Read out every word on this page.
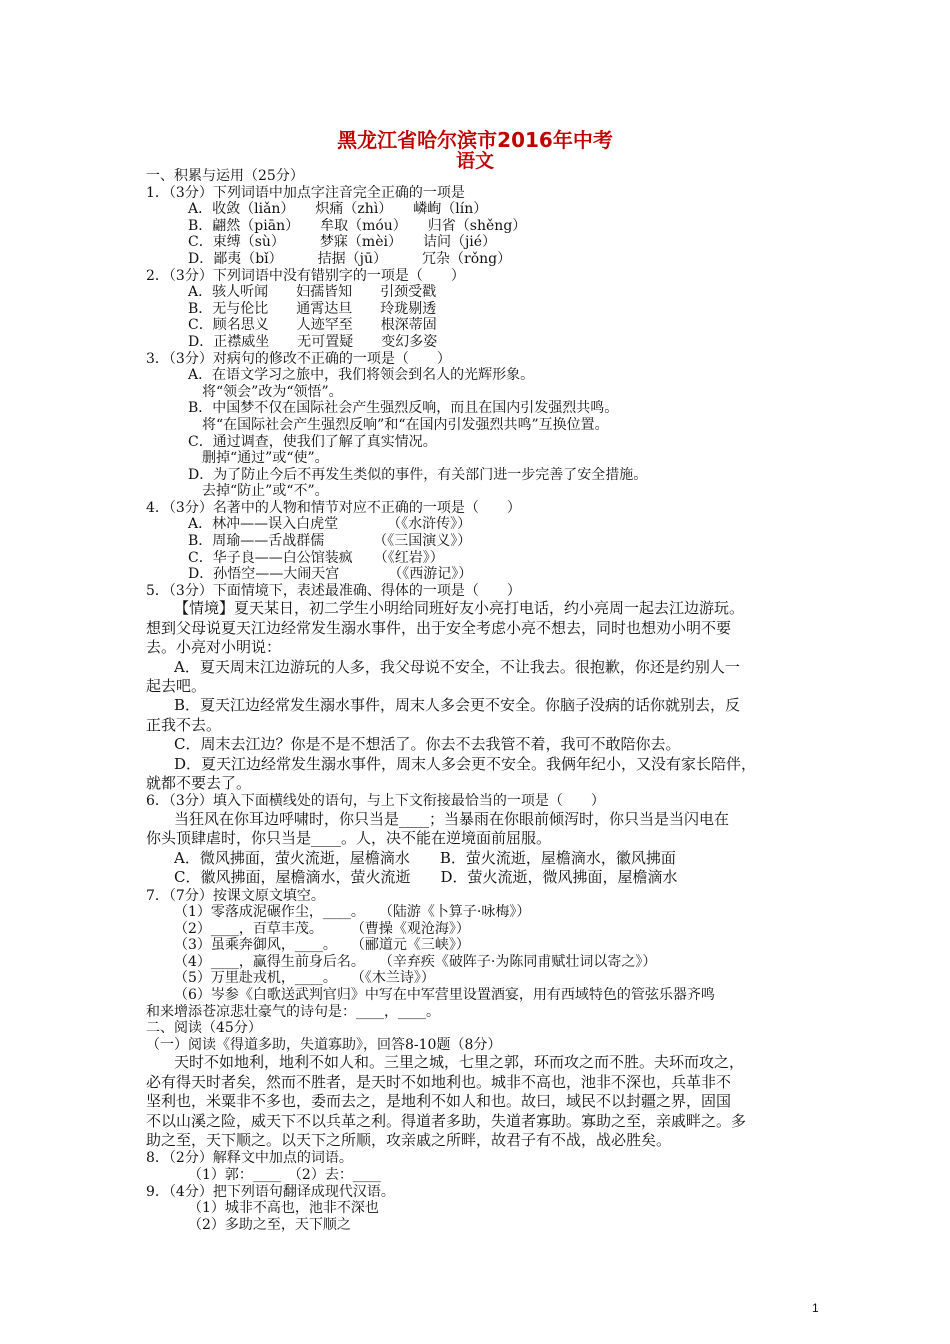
黑龙江省哈尔滨市2016年中考
语文
一、积累与运用（25分）
1．（3分）下列词语中加点字注音完全正确的一项是
A．收敛（liǎn）　　炽痛（zhì）　　嶙峋（lín）
B．翩然（piān）　　牟取（móu）　　归省（shěng）
C．束缚（sù）　　　梦寐（mèi）　　诘问（jié）
D．鄙夷（bǐ）　　　拮据（jū）　　　冗杂（rǒng）
2．（3分）下列词语中没有错别字的一项是（　　）
A．骇人听闻　　妇孺皆知　　引颈受戳
B．无与伦比　　通霄达旦　　玲珑剔透
C．顾名思义　　人迹罕至　　根深蒂固
D．正襟威坐　　无可置疑　　变幻多姿
3．（3分）对病句的修改不正确的一项是（　　）
A．在语文学习之旅中，我们将领会到名人的光辉形象。
将“领会”改为“领悟”。
B．中国梦不仅在国际社会产生强烈反响，而且在国内引发强烈共鸣。
将“在国际社会产生强烈反响”和“在国内引发强烈共鸣”互换位置。
C．通过调查，使我们了解了真实情况。
删掉“通过”或“使”。
D．为了防止今后不再发生类似的事件，有关部门进一步完善了安全措施。
去掉“防止”或“不”。
4．（3分）名著中的人物和情节对应不正确的一项是（　　）
A．林冲——误入白虎堂　　　　（《水浒传》）
B．周瑜——舌战群儒　　　　（《三国演义》）
C．华子良——白公馆装疯　　（《红岩》）
D．孙悟空——大闹天宫　　　　（《西游记》）
5．（3分）下面情境下，表述最准确、得体的一项是（　　）
【情境】夏天某日，初二学生小明给同班好友小亮打电话，约小亮周一起去江边游玩。
想到父母说夏天江边经常发生溺水事件，出于安全考虑小亮不想去，同时也想劝小明不要
去。小亮对小明说：
A．夏天周末江边游玩的人多，我父母说不安全，不让我去。很抱歉，你还是约别人一
起去吧。
B．夏天江边经常发生溺水事件，周末人多会更不安全。你脑子没病的话你就别去，反
正我不去。
C．周末去江边？你是不是不想活了。你去不去我管不着，我可不敢陪你去。
D．夏天江边经常发生溺水事件，周末人多会更不安全。我俩年纪小，又没有家长陪伴，
就都不要去了。
6．（3分）填入下面横线处的语句，与上下文衔接最恰当的一项是（　　）
当狂风在你耳边呼啸时，你只当是____；当暴雨在你眼前倾泻时，你只当是当闪电在
你头顶肆虐时，你只当是____。人，决不能在逆境面前屈服。
A．微风拂面，萤火流逝，屋檐滴水　　B．萤火流逝，屋檐滴水，徽风拂面
C．徽风拂面，屋檐滴水，萤火流逝　　D．萤火流逝，微风拂面，屋檐滴水
7．（7分）按课文原文填空。
（1）零落成泥碾作尘，____。　　（陆游《卜算子·咏梅》）
（2）____，百草丰茂。　　　（曹操《观沧海》）
（3）虽乘奔御风，____。　　（郦道元《三峡》）
（4）____，赢得生前身后名。　　（辛弃疾《破阵子·为陈同甫赋壮词以寄之》）
（5）万里赴戎机，____。　　（《木兰诗》）
（6）岑参《白歌送武判官归》中写在中军营里设置酒宴，用有西域特色的管弦乐器齐鸣
和来增添苍凉悲壮豪气的诗句是：____，____。
二、阅读（45分）
（一）阅读《得道多助，失道寡助》，回答8-10题（8分）
天时不如地利，地利不如人和。三里之城，七里之郭，环而攻之而不胜。夫环而攻之，
必有得天时者矣，然而不胜者，是天时不如地利也。城非不高也，池非不深也，兵革非不
坚利也，米粟非不多也，委而去之，是地利不如人和也。故曰，域民不以封疆之界，固国
不以山溪之险，威天下不以兵革之利。得道者多助，失道者寡助。寡助之至，亲戚畔之。多
助之至，天下顺之。以天下之所顺，攻亲戚之所畔，故君子有不战，战必胜矣。
8．（2分）解释文中加点的词语。
（1）郭：____　（2）去：____
9．（4分）把下列语句翻译成现代汉语。
（1）城非不高也，池非不深也
（2）多助之至，天下顺之
1
